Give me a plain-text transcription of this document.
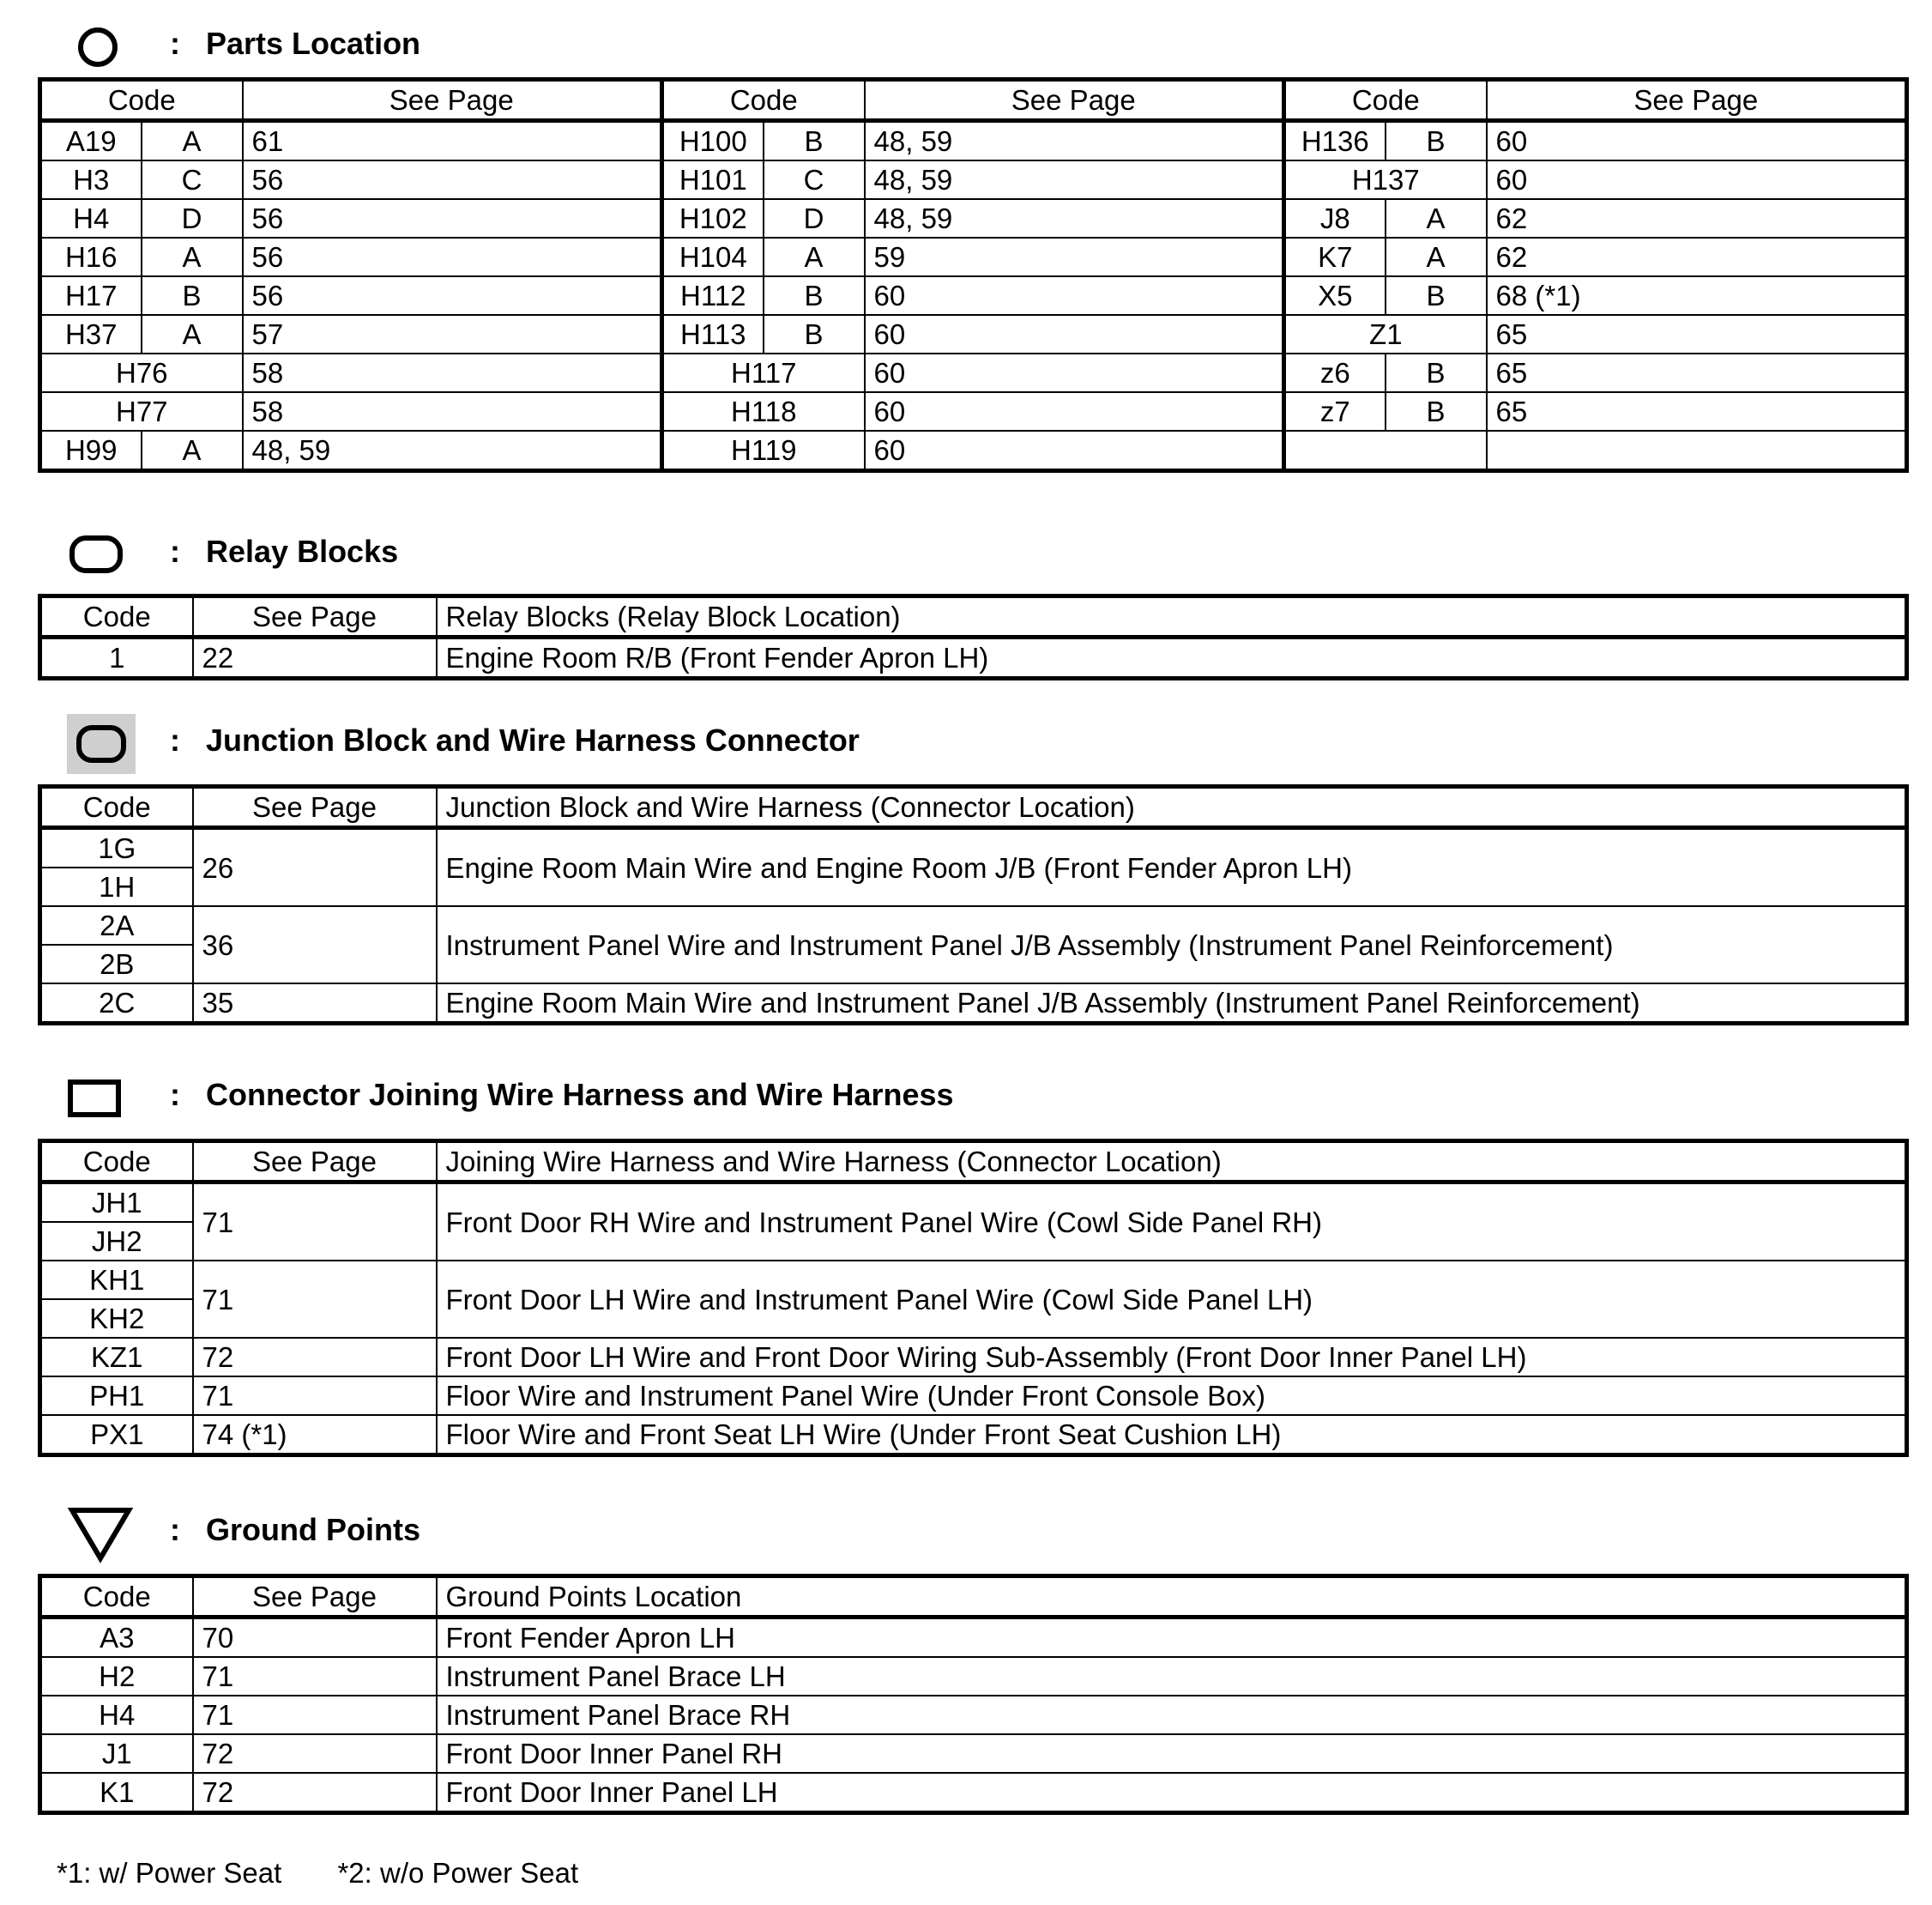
: Parts Location
Code		See Page	Code		See Page	Code		See Page
A19	A	61	H100	B	48, 59	H136	B	60
H3	C	56	H101	C	48, 59	H137		60
H4	D	56	H102	D	48, 59	J8	A	62
H16	A	56	H104	A	59	K7	A	62
H17	B	56	H112	B	60	X5	B	68 (*1)
H37	A	57	H113	B	60	Z1		65
H76		58	H117		60	z6	B	65
H77		58	H118		60	z7	B	65
H99	A	48, 59	H119		60			
: Relay Blocks
Code	See Page	Relay Blocks (Relay Block Location)
1	22	Engine Room R/B (Front Fender Apron LH)
: Junction Block and Wire Harness Connector
Code	See Page	Junction Block and Wire Harness (Connector Location)
1G	26	Engine Room Main Wire and Engine Room J/B (Front Fender Apron LH)
1H		
2A	36	Instrument Panel Wire and Instrument Panel J/B Assembly (Instrument Panel Reinforcement)
2B		
2C	35	Engine Room Main Wire and Instrument Panel J/B Assembly (Instrument Panel Reinforcement)
: Connector Joining Wire Harness and Wire Harness
Code	See Page	Joining Wire Harness and Wire Harness (Connector Location)
JH1	71	Front Door RH Wire and Instrument Panel Wire (Cowl Side Panel RH)
JH2		
KH1	71	Front Door LH Wire and Instrument Panel Wire (Cowl Side Panel LH)
KH2		
KZ1	72	Front Door LH Wire and Front Door Wiring Sub-Assembly (Front Door Inner Panel LH)
PH1	71	Floor Wire and Instrument Panel Wire (Under Front Console Box)
PX1	74 (*1)	Floor Wire and Front Seat LH Wire (Under Front Seat Cushion LH)
: Ground Points
Code	See Page	Ground Points Location
A3	70	Front Fender Apron LH
H2	71	Instrument Panel Brace LH
H4	71	Instrument Panel Brace RH
J1	72	Front Door Inner Panel RH
K1	72	Front Door Inner Panel LH
*1: w/ Power Seat *2: w/o Power Seat
